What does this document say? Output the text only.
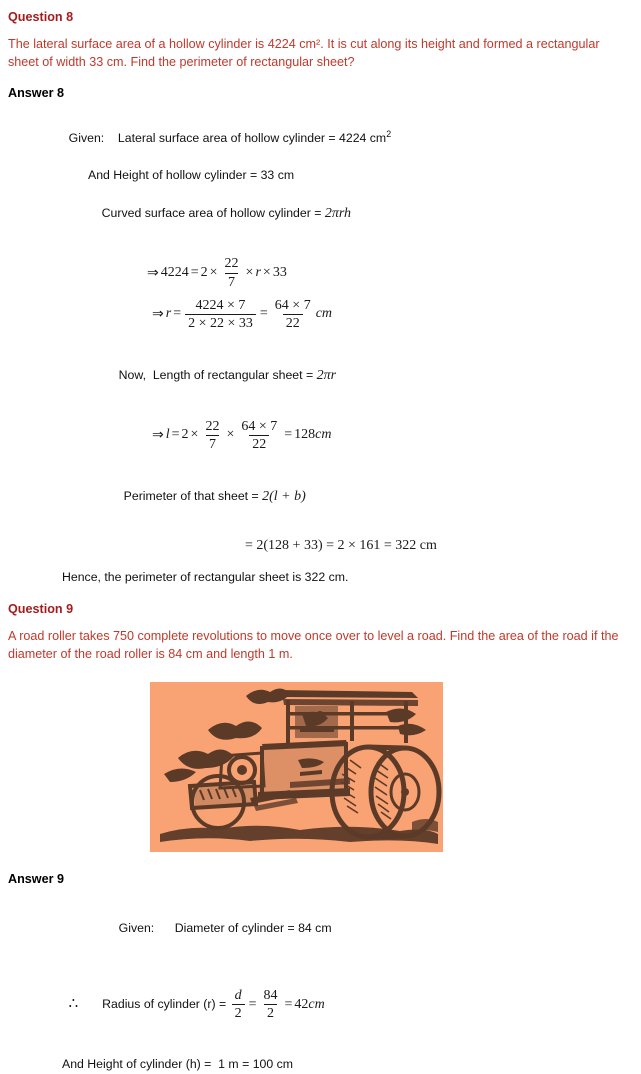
Question 8
The lateral surface area of a hollow cylinder is 4224 cm². It is cut along its height and formed a rectangular sheet of width 33 cm. Find the perimeter of rectangular sheet?
Answer 8

Given: Lateral surface area of hollow cylinder = 4224 $cm^2$

And Height of hollow cylinder = 33 cm

Curved surface area of hollow cylinder = 2πrh

⇒ $4224 = 2 \times \frac{22}{7} \times r \times 33$
⇒ $r = \frac{4224 \times 7}{2 \times 22 \times 33} = \frac{64 \times 7}{22}$ cm

Now,  Length of rectangular sheet = 2πr

⇒ $l = 2 \times \frac{22}{7} \times \frac{64 \times 7}{22} = 128$ cm

Perimeter of that sheet = 2(l + b)

= 2(128 + 33) = 2 × 161 = 322 cm
Hence, the perimeter of rectangular sheet is 322 cm.
Question 9
A road roller takes 750 complete revolutions to move once over to level a road. Find the area of the road if the diameter of the road roller is 84 cm and length 1 m.
Answer 9

Given: Diameter of cylinder = 84 cm

∴ Radius of cylinder $(r) = \frac{d}{2} = \frac{84}{2} = 42$ cm

And Height of cylinder (h) =  1 m = 100 cm
